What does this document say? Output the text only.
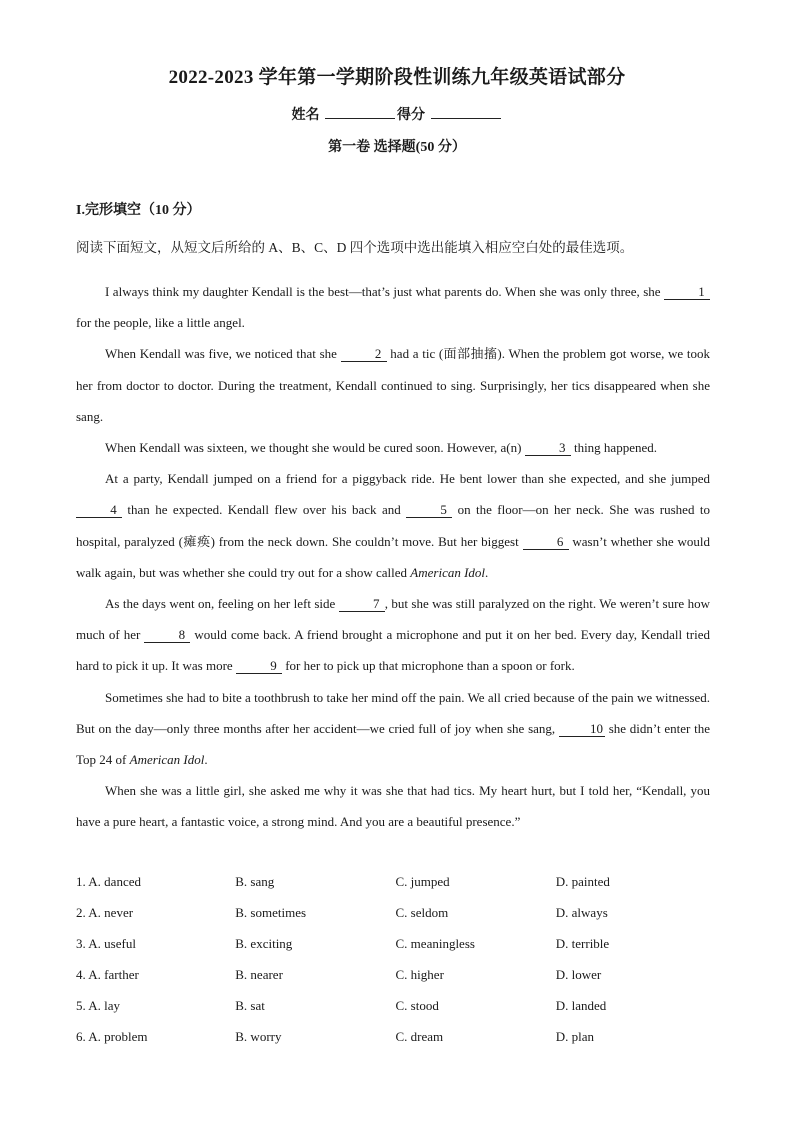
2022-2023 学年第一学期阶段性训练九年级英语试部分
姓名	得分
第一卷 选择题(50 分）
I.完形填空（10 分）
阅读下面短文，从短文后所给的 A、B、C、D 四个选项中选出能填入相应空白处的最佳选项。

I always think my daughter Kendall is the best—that’s just what parents do. When she was only three, she	1 for the people, like a little angel.

When Kendall was five, we noticed that she	2 had a tic (面部抽搐). When the problem got worse, we took her from doctor to doctor. During the treatment, Kendall continued to sing. Surprisingly, her tics disappeared when she sang.

When Kendall was sixteen, we thought she would be cured soon. However, a(n)	3 thing happened.

At a party, Kendall jumped on a friend for a piggyback ride. He bent lower than she expected, and she jumped 4 than he expected. Kendall flew over his back and	5 on the floor—on her neck. She was rushed to hospital, paralyzed (瘫痪) from the neck down. She couldn’t move. But her biggest	6 wasn’t whether she would walk again, but was whether she could try out for a show called American Idol.

As the days went on, feeling on her left side	7 , but she was still paralyzed on the right. We weren’t sure how much of her	8 would come back. A friend brought a microphone and put it on her bed. Every day, Kendall tried hard to pick it up. It was more	9 for her to pick up that microphone than a spoon or fork.

Sometimes she had to bite a toothbrush to take her mind off the pain. We all cried because of the pain we witnessed. But on the day—only three months after her accident—we cried full of joy when she sang, 10 she didn’t enter the Top 24 of American Idol.

When she was a little girl, she asked me why it was she that had tics. My heart hurt, but I told her, “Kendall, you have a pure heart, a fantastic voice, a strong mind. And you are a beautiful presence.”

1. A. danced	B. sang	C. jumped	D. painted
2. A. never	B. sometimes	C. seldom	D. always
3. A. useful	B. exciting	C. meaningless	D. terrible
4. A. farther	B. nearer	C. higher	D. lower
5. A. lay	B. sat	C. stood	D. landed
6. A. problem	B. worry	C. dream	D. plan
